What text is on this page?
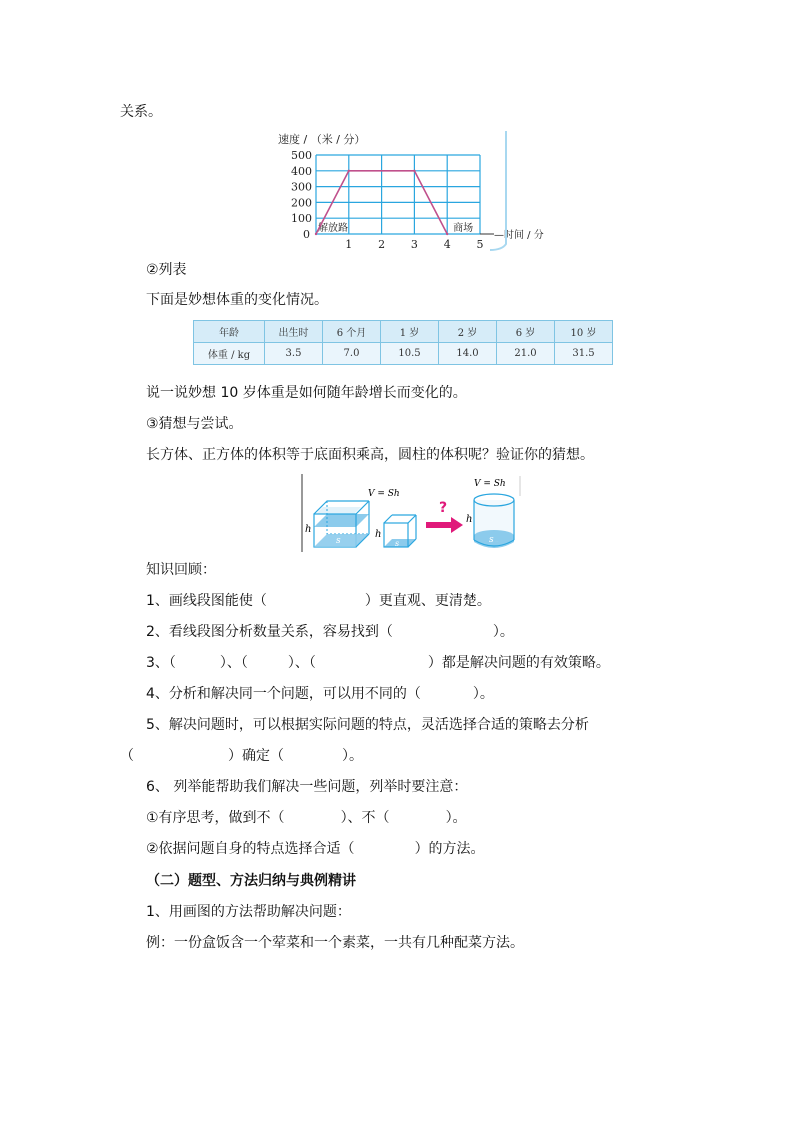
关系。
100
200
300
400
500
0
1 2 3 4 5
速度 / （米 / 分）
—时间 / 分
解放路	商场
②列表
下面是妙想体重的变化情况。
年龄	出生时	6 个月	1 岁	2 岁	6 岁	10 岁
体重 / kg	3.5	7.0	10.5	14.0	21.0	31.5
说一说妙想 10 岁体重是如何随年龄增长而变化的。
③猜想与尝试。
长方体、正方体的体积等于底面积乘高，圆柱的体积呢？验证你的猜想。
h
s
V = Sh
h
s
?
V = Sh
h
s
知识回顾：
1、画线段图能使（	）更直观、更清楚。
2、看线段图分析数量关系，容易找到（	）。
3、（	）、（	）、（	）都是解决问题的有效策略。
4、分析和解决同一个问题，可以用不同的（	）。
5、解决问题时，可以根据实际问题的特点，灵活选择合适的策略去分析
（	）确定（	）。
6、 列举能帮助我们解决一些问题，列举时要注意：
①有序思考，做到不（	）、不（	）。
②依据问题自身的特点选择合适（	）的方法。
（二）题型、方法归纳与典例精讲
1、用画图的方法帮助解决问题：
例：一份盒饭含一个荤菜和一个素菜，一共有几种配菜方法。
